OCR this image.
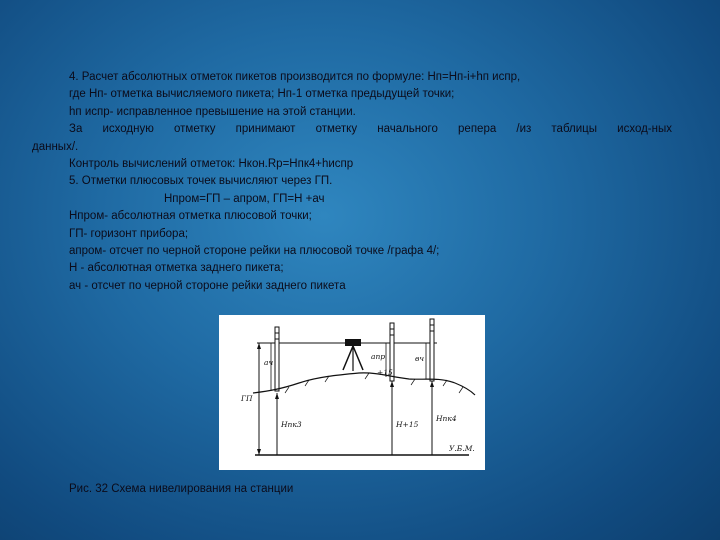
4. Расчет абсолютных отметок пикетов производится по формуле: Нп=Нп-i+hп испр,
где Нп- отметка вычисляемого пикета; Нп-1 отметка предыдущей точки;
hп испр- исправленное превышение на этой станции.
За исходную отметку принимают отметку начального репера /из таблицы исход-ных
данных/.
Контроль вычислений отметок: Нкон.Rр=Нпк4+hиспр
5. Отметки плюсовых точек вычисляют через ГП.
Нпром=ГП – апром, ГП=Н +ач
Нпром- абсолютная отметка плюсовой точки;
ГП- горизонт прибора;
апром- отсчет по черной стороне рейки на плюсовой точке /графа 4/;
Н - абсолютная отметка заднего пикета;
ач - отсчет по черной стороне рейки заднего пикета
ГП
aч
aпр	вч
+15
Hпк3	H+15
Hпк4
У.Б.М.
Рис. 32 Схема нивелирования на станции
